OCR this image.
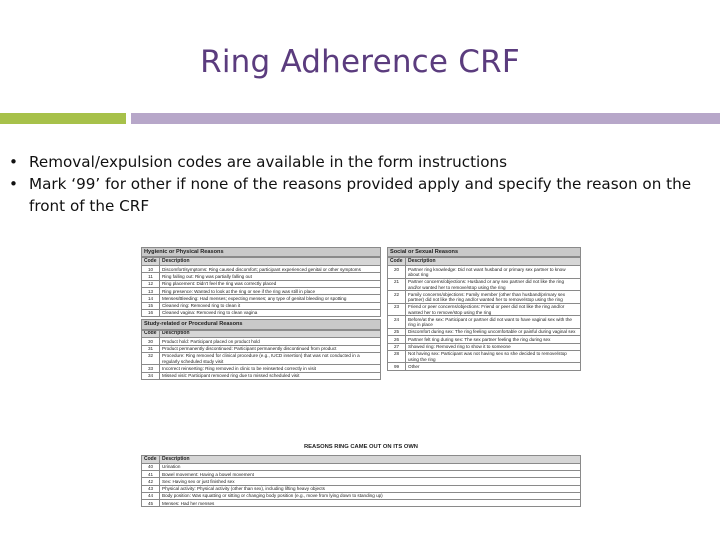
Ring Adherence CRF
• Removal/expulsion codes are available in the form instructions
• Mark ‘99’ for other if none of the reasons provided apply and specify the reason on the front of the CRF
Hygienic or Physical Reasons
Code	Description
10	Discomfort/symptoms: Ring caused discomfort; participant experienced genital or other symptoms
11	Ring falling out: Ring was partially falling out
12	Ring placement: Didn't feel the ring was correctly placed
13	Ring presence: Wanted to look at the ring or see if the ring was still in place
14	Menses/Bleeding: Had menses; expecting menses; any type of genital bleeding or spotting
15	Cleaned ring: Removed ring to clean it
16	Cleaned vagina: Removed ring to clean vagina
Study-related or Procedural Reasons
Code	Description
30	Product hold: Participant placed on product hold
31	Product permanently discontinued: Participant permanently discontinued from product
32	Procedure: Ring removed for clinical procedure (e.g., IUCD insertion) that was not conducted in a regularly scheduled study visit
33	Incorrect reinserting: Ring removed in clinic to be reinserted correctly in visit
34	Missed visit: Participant removed ring due to missed scheduled visit
Social or Sexual Reasons
Code	Description
20	Partner ring knowledge: Did not want husband or primary sex partner to know about ring
21	Partner concerns/objections: Husband or any sex partner did not like the ring and/or wanted her to remove/stop using the ring
22	Family concerns/objections: Family member (other than husband/primary sex partner) did not like the ring and/or wanted her to remove/stop using the ring
23	Friend or peer concerns/objections: Friend or peer did not like the ring and/or wanted her to remove/stop using the ring
24	Before/at the sex: Participant or partner did not want to have vaginal sex with the ring in place
25	Discomfort during sex: The ring feeling uncomfortable or painful during vaginal sex
26	Partner felt ring during sex: The sex partner feeling the ring during sex
27	Showed ring: Removed ring to show it to someone
28	Not having sex: Participant was not having sex so she decided to remove/stop using the ring
99	Other
REASONS RING CAME OUT ON ITS OWN
Code	Description
40	Urination
41	Bowel movement: Having a bowel movement
42	Sex: Having sex or just finished sex
43	Physical activity: Physical activity (other than sex), including lifting heavy objects
44	Body position: Was squatting or sitting or changing body position (e.g., move from lying down to standing up)
45	Menses: Had her menses
